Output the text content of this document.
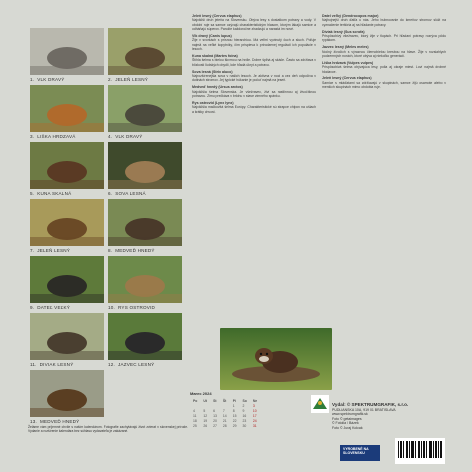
1. VLK DRAVÝ	2. JELEŇ LESNÝ
3. LIŠKA HRDZAVÁ	4. VLK DRAVÝ
5. KUNA SKALNÁ	6. SOVA LESNÁ
7. JELEŇ LESNÝ	8. MEDVEĎ HNEDÝ
9. DATEĽ VEĽKÝ	10. RYS OSTROVID
11. DIVIAK LESNÝ	12. JAZVEC LESNÝ
13. MEDVEĎ HNEDÝ
Jeleň lesný (Cervus elaphus)

Najväčší druh jeleňa na Slovensku. Obýva lesy s dostatkom potravy a vody. V období ruje sa samce ozývajú charakteristickým hlasom, ktorým lákajú samice a odháňajú súperov. Parožie každoročne zhadzujú a narastá im nové.

Vlk dravý (Canis lupus)

Žije v svorkách s prísnou hierarchiou. Má veľmi vyvinutý čuch a sluch. Poľuje najmä na veľké kopytníky, čím prispieva k prirodzenej regulácii ich populácie v lesoch.

Kuna skalná (Martes foina)

Štíhla šelma s bielou škvrnou na hrdle. Dobre šplhá aj skáče. Často sa zdržiava v blízkosti ľudských obydlí, kde hľadá úkryt a potravu.

Sova lesná (Strix aluco)

Najrozšírenejšia sova v našich lesoch. Je aktívna v noci a cez deň odpočíva v dutinách stromov. Jej typické húkanie je počuť najmä na jeseň.

Medveď hnedý (Ursus arctos)

Najväčšia šelma Slovenska. Je všežravec, živí sa rastlinnou aj živočíšnou potravou. Zimu prečkáva v brlohu v stave zimného spánku.

Rys ostrovid (Lynx lynx)

Najväčšia mačkovitá šelma Európy. Charakteristické sú strapce chlpov na ušiach a krátky chvost.

Datel veľký (Dendrocopos major)

Najhojnejší druh ďatľa u nás. Jeho bubnovanie do kmeňov stromov slúži na vyznačenie teritória aj na hľadanie potravy.

Diviak lesný (Sus scrofa)

Prispôsobivý všežravec, ktorý žije v tlupách. Pri hľadaní potravy rozrýva pôdu rypákom.

Jazvec lesný (Meles meles)

Nočný živočích s výraznou čiernobielou kresbou na hlave. Žije v rozsiahlych podzemných norách, ktoré obýva aj niekoľko generácií.

Liška hrdzavá (Vulpes vulpes)

Prispôsobivá šelma obývajúca lesy, polia aj okraje miest. Loví najmä drobné hlodavce.

Jeleň lesný (Cervus elaphus)

Samice s mláďatami sa zdržiavajú v skupinách, samce žijú osamote alebo v menších skupinách mimo obdobia ruje.

Marec 2024
Po	Ut	St	Št	Pi	So	Ne
				1	2	3
4	5	6	7	8	9	10
11	12	13	14	15	16	17
18	19	20	21	22	23	24
25	26	27	28	29	30	31
Želáme vám príjemné chvíle s naším kalendárom. Fotografie zachytávajú život zvierat v slovenskej prírode. Vydanie a rozšírenie kalendára bez súhlasu vydavateľa je zakázané.
Vydal: © SPEKTRUMGRAFIK, s.r.o.
PUDLIANSKA 10A, 919 01 BRATISLAVA
www.spektrumgrafik.sk
Foto © getaimages
© Fotolia / Bázek
Foto © Juraj Kolcak
VYROBENÉ NA SLOVENSKU
